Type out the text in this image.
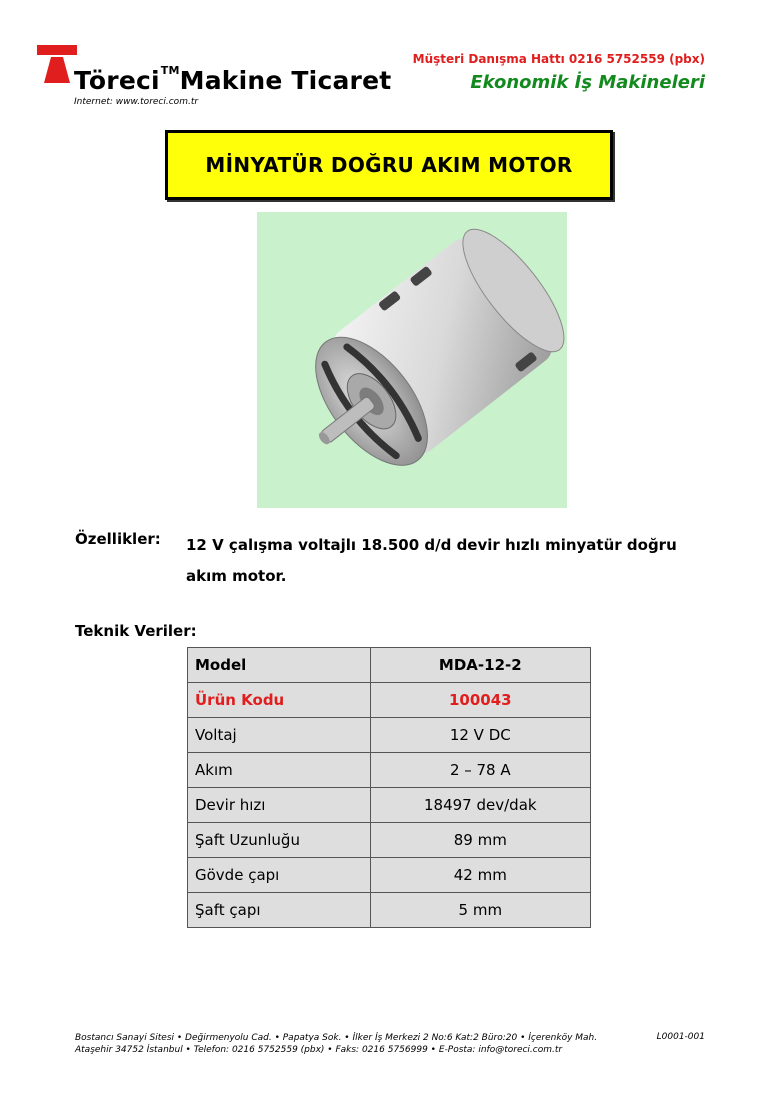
Töreci™Makine Ticaret
Internet: www.toreci.com.tr
Müşteri Danışma Hattı 0216 5752559 (pbx)
Ekonomik İş Makineleri
MİNYATÜR DOĞRU AKIM MOTOR
Özellikler: 12 V çalışma voltajlı 18.500 d/d devir hızlı minyatür doğru akım motor.
Teknik Veriler:
Model	MDA-12-2
Ürün Kodu	100043
Voltaj	12 V DC
Akım	2 – 78 A
Devir hızı	18497 dev/dak
Şaft Uzunluğu	89 mm
Gövde çapı	42 mm
Şaft çapı	5 mm
Bostancı Sanayi Sitesi • Değirmenyolu Cad. • Papatya Sok. • İlker İş Merkezi 2 No:6 Kat:2 Büro:20 • İçerenköy Mah.
Ataşehir 34752 İstanbul • Telefon: 0216 5752559 (pbx) • Faks: 0216 5756999 • E-Posta: info@toreci.com.tr
L0001-001
